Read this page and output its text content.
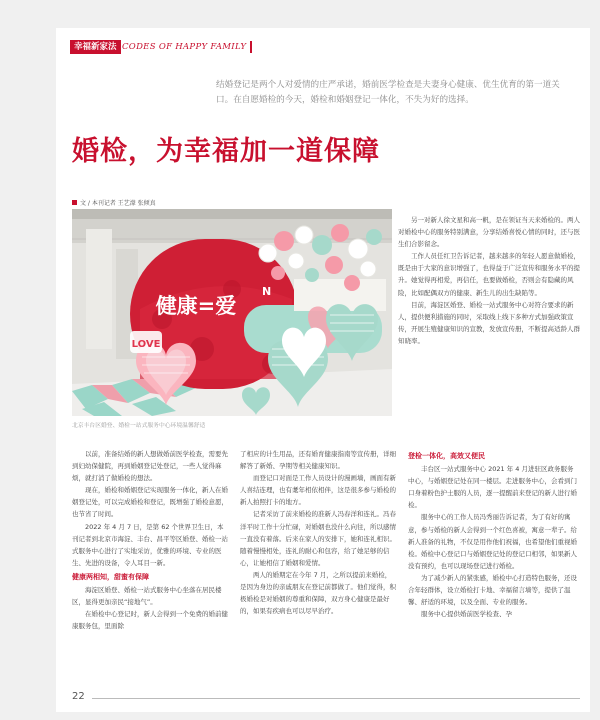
幸福新家法 CODES OF HAPPY FAMILY

结婚登记是两个人对爱情的庄严承诺，婚前医学检查是夫妻身心健康、优生优育的第一道关口。在自愿婚检的今天，婚检和婚姻登记一体化，不失为好的选择。

婚检，为幸福加一道保障
文 / 本刊记者 王艺濛 张倾真
健康=爱
N
LOVE
北京丰台区婚登、婚检一站式服务中心环境温馨舒适

另一对新人徐文星和高一帆，是在领证当天来婚检的。两人对婚检中心的服务特别满意，分享结婚喜悦心情的同时，还与医生们合影留念。

工作人员任红卫告诉记者，越来越多的年轻人愿意做婚检，既是由于大家的意识增强了，也得益于广泛宣传和服务水平的提升。她觉得再相爱，再信任，也要做婚检，否则会有隐藏的风险，比如配偶双方的健康、新生儿的出生缺陷等。

目前，海淀区婚登、婚检一站式服务中心对符合要求的新人，提供便利措施的同时，采取线上线下多种方式加强政策宣传，开展生殖健康知识的宣教，发放宣传册，不断提高适龄人群知晓率。

以前，准备结婚的新人想做婚前医学检查，需要先到妇幼保健院，再到婚姻登记处登记，一些人觉得麻烦，就打消了做婚检的想法。

现在，婚检和婚姻登记实现服务一体化，新人在婚姻登记处，可以完成婚检和登记，既增强了婚检意愿，也节省了时间。

2022 年 4 月 7 日，是第 62 个世界卫生日，本刊记者到北京市海淀、丰台、昌平等区婚登、婚检一站式服务中心进行了实地采访，优雅的环境、专业的医生、先进的设备，令人耳目一新。

健康两相知，甜蜜有保障

海淀区婚登、婚检一站式服务中心坐落在居民楼区，显得更加亲民“接地气”。

在婚检中心登记时，新人会得到一个免费的婚前健康服务包，里面除

了相应的计生用品，还有婚育健康指南等宣传册，详细解答了新婚、孕期等相关健康知识。

而登记口对面是工作人员设计的漫画墙，画面有新人喜结连理，也有耄年相依相伴，这是很多参与婚检的新人拍照打卡的地方。

记者采访了前来婚检的准新人冯春洋和连礼。冯春洋平时工作十分忙碌，对婚姻也没什么向往，所以感情一直没有着落。后来在家人的安排下，她和连礼相识。随着慢慢相处，连礼的耐心和包容，给了她足够的信心，让她相信了婚姻和爱情。

两人的婚期定在今年 7 月，之所以提前来婚检，是因为身边的亲戚朋友在登记前都做了。他们觉得，积极婚检是对婚姻的尊重和保障，双方身心健康是最好的，如果有疾病也可以尽早治疗。

登检一体化，高效又便民

丰台区一站式服务中心 2021 年 4 月进驻区政务服务中心，与婚姻登记处在同一楼层。走进服务中心，会看到门口身着粉色护士服的人员，逐一提醒前来登记的新人进行婚检。

服务中心的工作人员冯秀丽告诉记者，为了有好的寓意，参与婚检的新人会得到一个红色喜被，寓意一辈子。给新人准备的礼物，不仅是用作他们祝福，也希望他们重视婚检。婚检中心登记口与婚姻登记处的登记口相邻，如果新人没有预约，也可以现场登记进行婚检。

为了减少新人的紧张感，婚检中心打造特色服务，还设合年轻群体，设立婚检打卡地、幸福留言墙等，提供了温馨、舒适的环境，以及全面、专业的服务。

服务中心提供婚前医学检查、孕

22
